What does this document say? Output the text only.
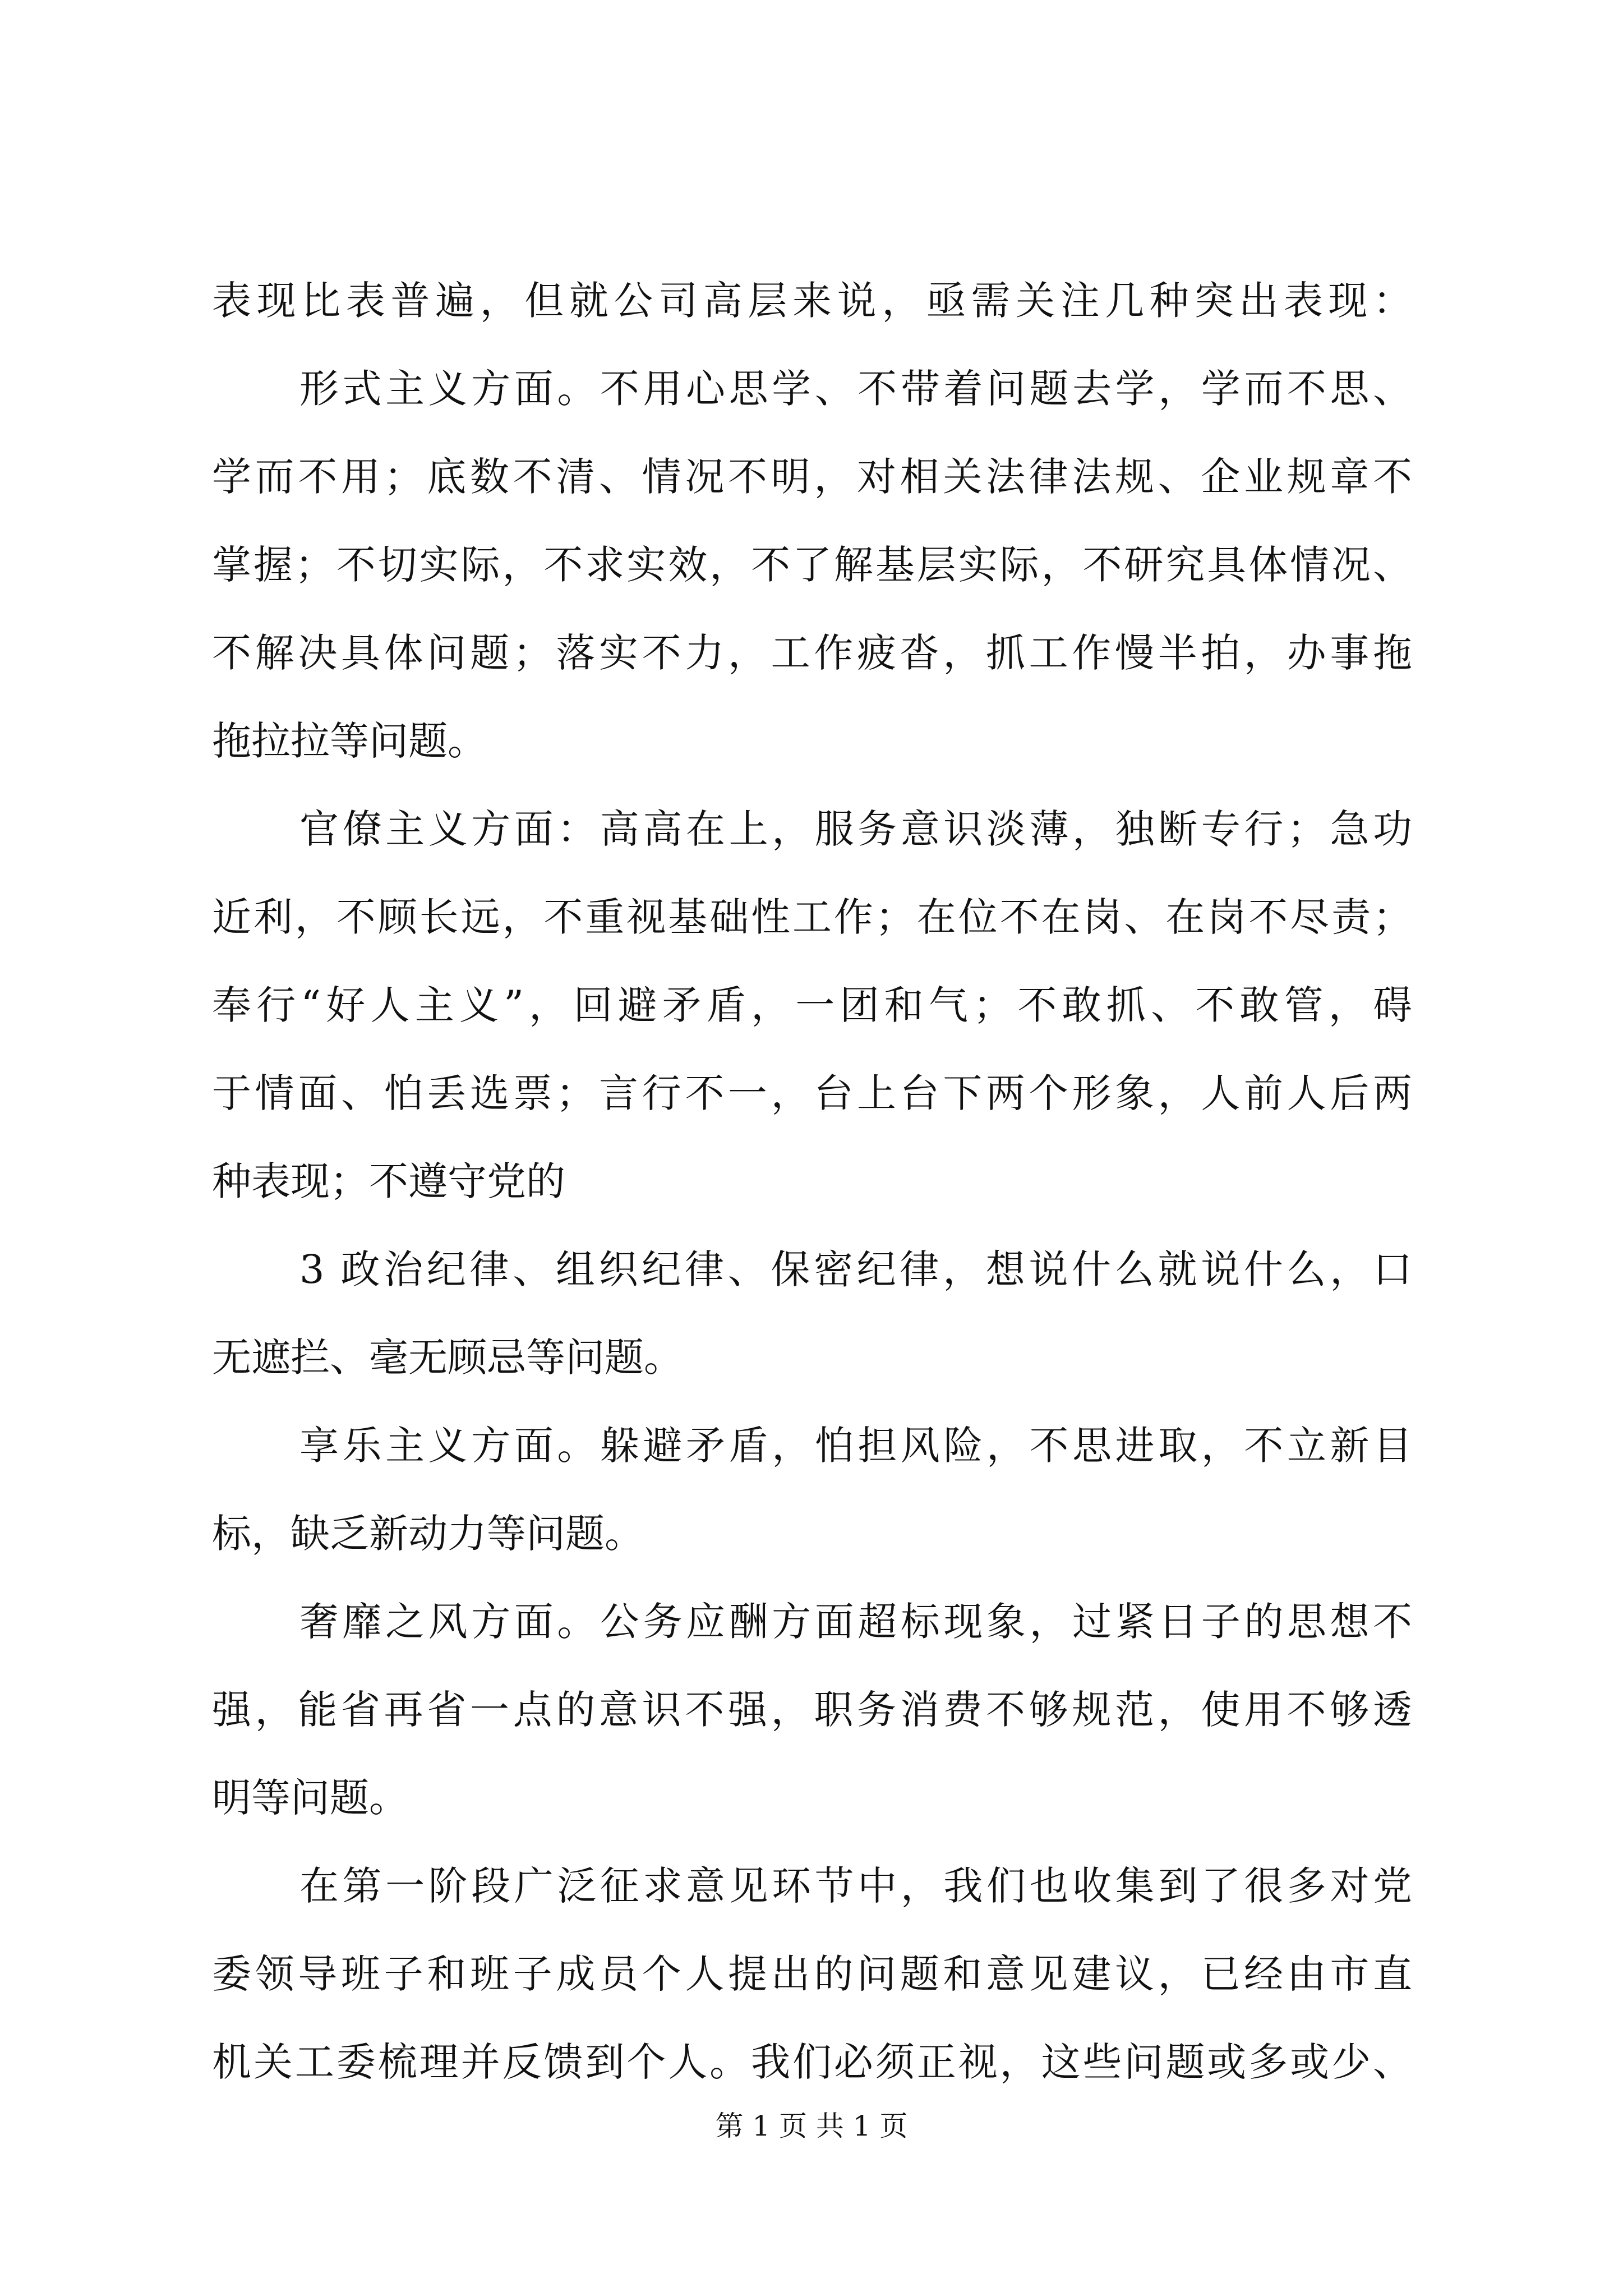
表现比表普遍，但就公司高层来说，亟需关注几种突出表现：
形式主义方面。不用心思学、不带着问题去学，学而不思、
学而不用；底数不清、情况不明，对相关法律法规、企业规章不
掌握；不切实际，不求实效，不了解基层实际，不研究具体情况、
不解决具体问题；落实不力，工作疲沓，抓工作慢半拍，办事拖
拖拉拉等问题。
官僚主义方面：高高在上，服务意识淡薄，独断专行；急功
近利，不顾长远，不重视基础性工作；在位不在岗、在岗不尽责；
奉行“好人主义”，回避矛盾，一团和气；不敢抓、不敢管，碍
于情面、怕丢选票；言行不一，台上台下两个形象，人前人后两
种表现；不遵守党的
3 政治纪律、组织纪律、保密纪律，想说什么就说什么，口
无遮拦、毫无顾忌等问题。
享乐主义方面。躲避矛盾，怕担风险，不思进取，不立新目
标，缺乏新动力等问题。
奢靡之风方面。公务应酬方面超标现象，过紧日子的思想不
强，能省再省一点的意识不强，职务消费不够规范，使用不够透
明等问题。
在第一阶段广泛征求意见环节中，我们也收集到了很多对党
委领导班子和班子成员个人提出的问题和意见建议，已经由市直
机关工委梳理并反馈到个人。我们必须正视，这些问题或多或少、
第 1 页 共 1 页
